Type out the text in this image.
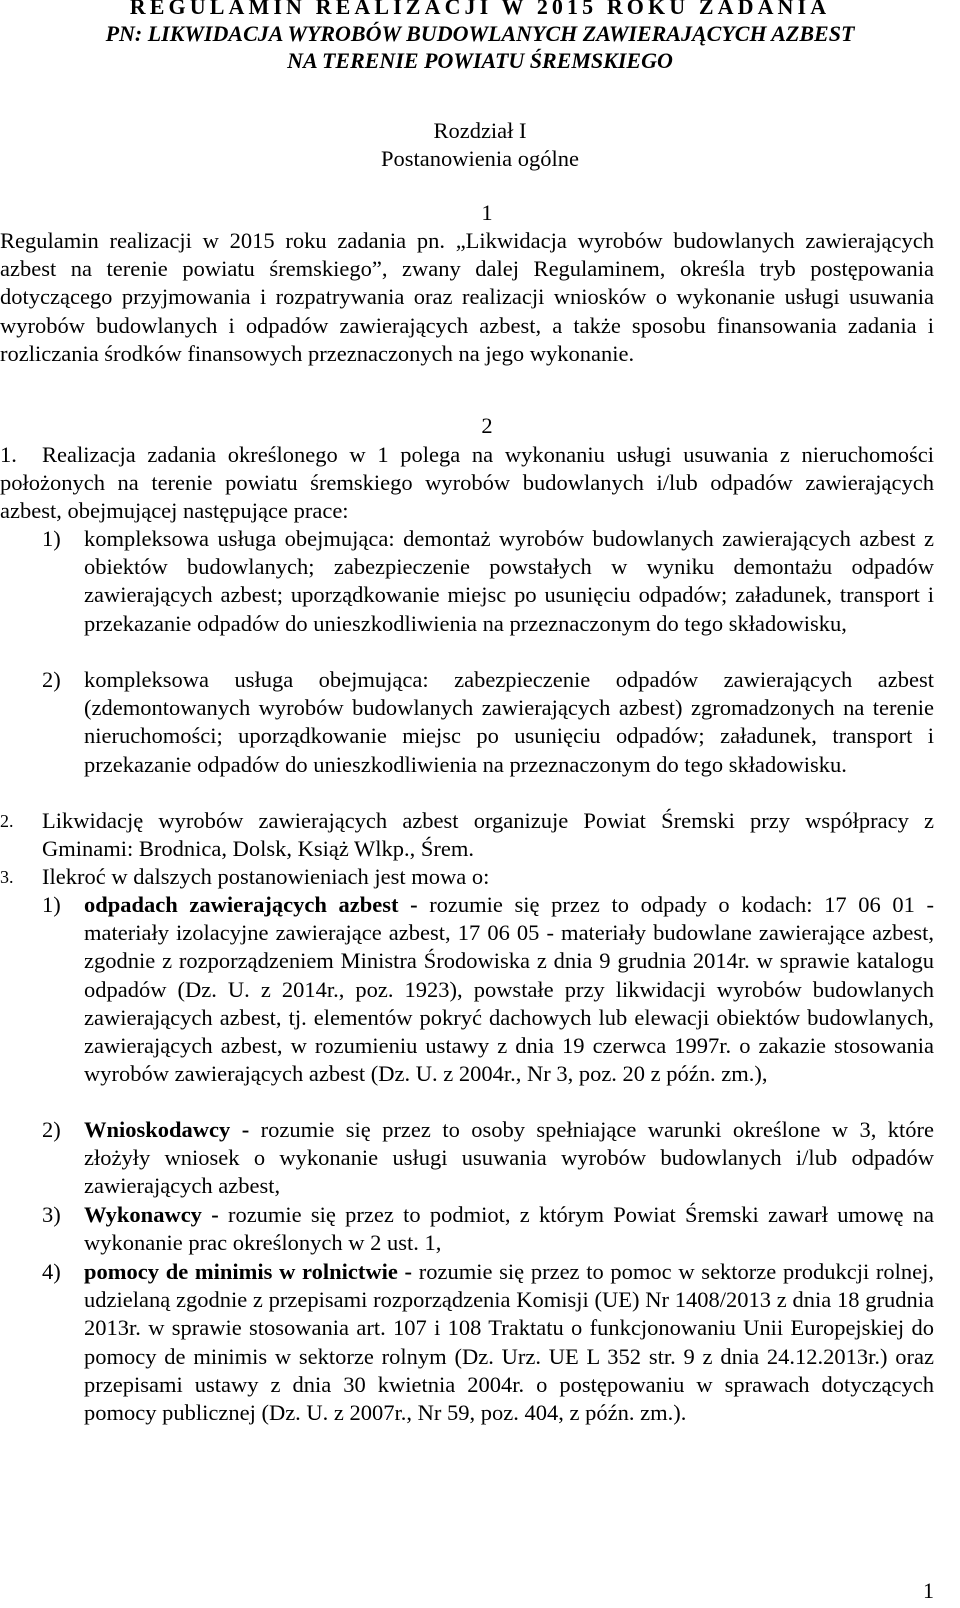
REGULAMIN REALIZACJI W 2015 ROKU ZADANIA
PN: LIKWIDACJA WYROBÓW BUDOWLANYCH ZAWIERAJĄCYCH AZBEST
NA TERENIE POWIATU ŚREMSKIEGO
Rozdział I
Postanowienia ogólne
1
Regulamin realizacji w 2015 roku zadania pn. „Likwidacja wyrobów budowlanych zawierających azbest na terenie powiatu śremskiego”, zwany dalej Regulaminem, określa tryb postępowania dotyczącego przyjmowania i rozpatrywania oraz realizacji wniosków o wykonanie usługi usuwania wyrobów budowlanych i odpadów zawierających azbest, a także sposobu finansowania zadania i rozliczania środków finansowych przeznaczonych na jego wykonanie.
2
1.	Realizacja zadania określonego w 1 polega na wykonaniu usługi usuwania z nieruchomości położonych na terenie powiatu śremskiego wyrobów budowlanych i/lub odpadów zawierających azbest, obejmującej następujące prace:
1) kompleksowa usługa obejmująca: demontaż wyrobów budowlanych zawierających azbest z obiektów budowlanych; zabezpieczenie powstałych w wyniku demontażu odpadów zawierających azbest; uporządkowanie miejsc po usunięciu odpadów; załadunek, transport i przekazanie odpadów do unieszkodliwienia na przeznaczonym do tego składowisku,
2) kompleksowa usługa obejmująca: zabezpieczenie odpadów zawierających azbest (zdemontowanych wyrobów budowlanych zawierających azbest) zgromadzonych na terenie nieruchomości; uporządkowanie miejsc po usunięciu odpadów; załadunek, transport i przekazanie odpadów do unieszkodliwienia na przeznaczonym do tego składowisku.
2. Likwidację wyrobów zawierających azbest organizuje Powiat Śremski przy współpracy z Gminami: Brodnica, Dolsk, Książ Wlkp., Śrem.
3. Ilekroć w dalszych postanowieniach jest mowa o:
1) odpadach zawierających azbest - rozumie się przez to odpady o kodach: 17 06 01 - materiały izolacyjne zawierające azbest, 17 06 05 - materiały budowlane zawierające azbest, zgodnie z rozporządzeniem Ministra Środowiska z dnia 9 grudnia 2014r. w sprawie katalogu odpadów (Dz. U. z 2014r., poz. 1923), powstałe przy likwidacji wyrobów budowlanych zawierających azbest, tj. elementów pokryć dachowych lub elewacji obiektów budowlanych, zawierających azbest, w rozumieniu ustawy z dnia 19 czerwca 1997r. o zakazie stosowania wyrobów zawierających azbest (Dz. U. z 2004r., Nr 3, poz. 20 z późn. zm.),
2) Wnioskodawcy - rozumie się przez to osoby spełniające warunki określone w 3, które złożyły wniosek o wykonanie usługi usuwania wyrobów budowlanych i/lub odpadów zawierających azbest,
3) Wykonawcy - rozumie się przez to podmiot, z którym Powiat Śremski zawarł umowę na wykonanie prac określonych w 2 ust. 1,
4) pomocy de minimis w rolnictwie - rozumie się przez to pomoc w sektorze produkcji rolnej, udzielaną zgodnie z przepisami rozporządzenia Komisji (UE) Nr 1408/2013 z dnia 18 grudnia 2013r. w sprawie stosowania art. 107 i 108 Traktatu o funkcjonowaniu Unii Europejskiej do pomocy de minimis w sektorze rolnym (Dz. Urz. UE L 352 str. 9 z dnia 24.12.2013r.) oraz przepisami ustawy z dnia 30 kwietnia 2004r. o postępowaniu w sprawach dotyczących pomocy publicznej (Dz. U. z 2007r., Nr 59, poz. 404, z późn. zm.).
1
